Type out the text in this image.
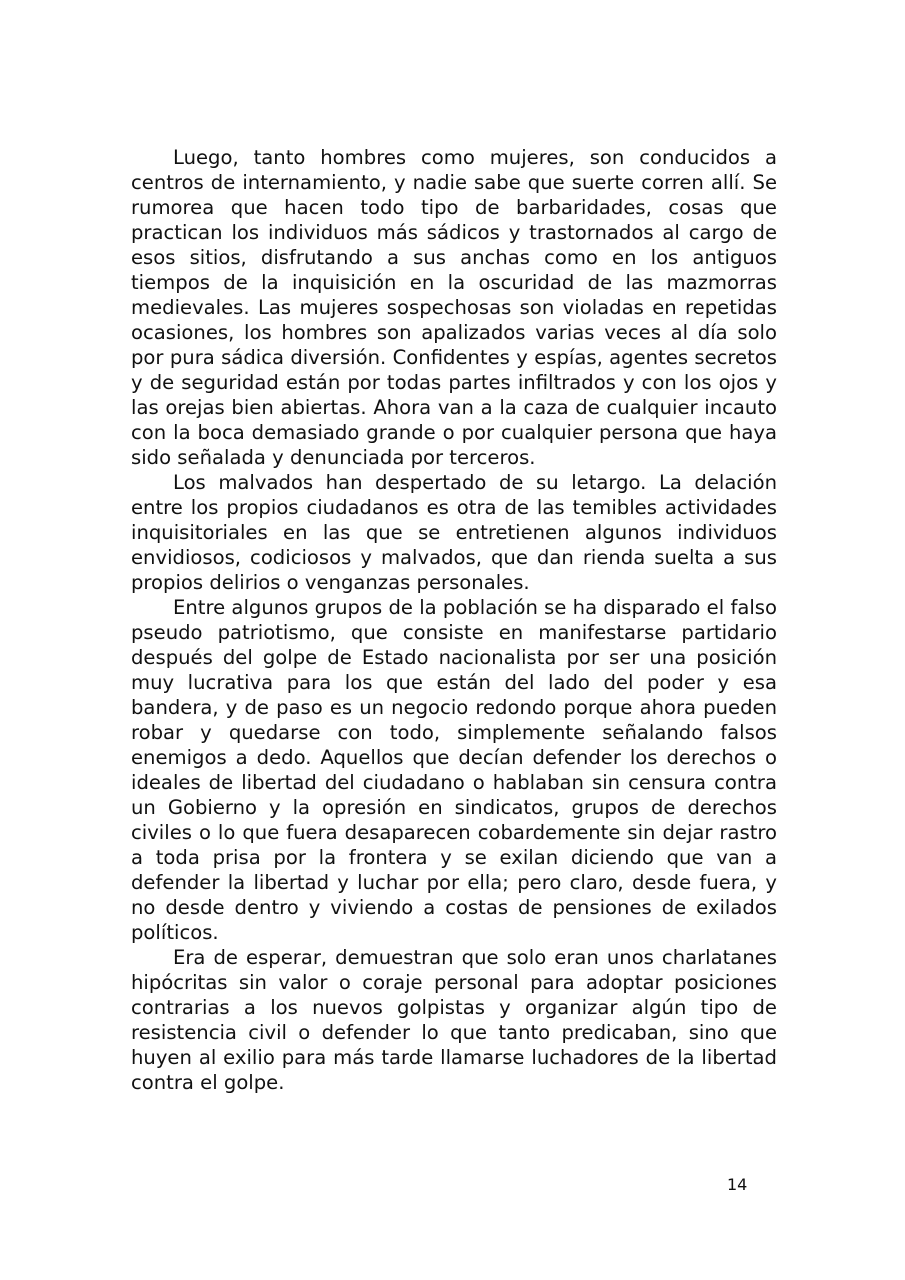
Luego, tanto hombres como mujeres, son conducidos a centros de internamiento, y nadie sabe que suerte corren allí. Se rumorea que hacen todo tipo de barbaridades, cosas que practican los individuos más sádicos y trastornados al cargo de esos sitios, disfrutando a sus anchas como en los antiguos tiempos de la inquisición en la oscuridad de las mazmorras medievales. Las mujeres sospechosas son violadas en repetidas ocasiones, los hombres son apalizados varias veces al día solo por pura sádica diversión. Confidentes y espías, agentes secretos y de seguridad están por todas partes infiltrados y con los ojos y las orejas bien abiertas. Ahora van a la caza de cualquier incauto con la boca demasiado grande o por cualquier persona que haya sido señalada y denunciada por terceros.

Los malvados han despertado de su letargo. La delación entre los propios ciudadanos es otra de las temibles actividades inquisitoriales en las que se entretienen algunos individuos envidiosos, codiciosos y malvados, que dan rienda suelta a sus propios delirios o venganzas personales.

Entre algunos grupos de la población se ha disparado el falso pseudo patriotismo, que consiste en manifestarse partidario después del golpe de Estado nacionalista por ser una posición muy lucrativa para los que están del lado del poder y esa bandera, y de paso es un negocio redondo porque ahora pueden robar y quedarse con todo, simplemente señalando falsos enemigos a dedo. Aquellos que decían defender los derechos o ideales de libertad del ciudadano o hablaban sin censura contra un Gobierno y la opresión en sindicatos, grupos de derechos civiles o lo que fuera desaparecen cobardemente sin dejar rastro a toda prisa por la frontera y se exilan diciendo que van a defender la libertad y luchar por ella; pero claro, desde fuera, y no desde dentro y viviendo a costas de pensiones de exilados políticos.

Era de esperar, demuestran que solo eran unos charlatanes hipócritas sin valor o coraje personal para adoptar posiciones contrarias a los nuevos golpistas y organizar algún tipo de resistencia civil o defender lo que tanto predicaban, sino que huyen al exilio para más tarde llamarse luchadores de la libertad contra el golpe.

14
